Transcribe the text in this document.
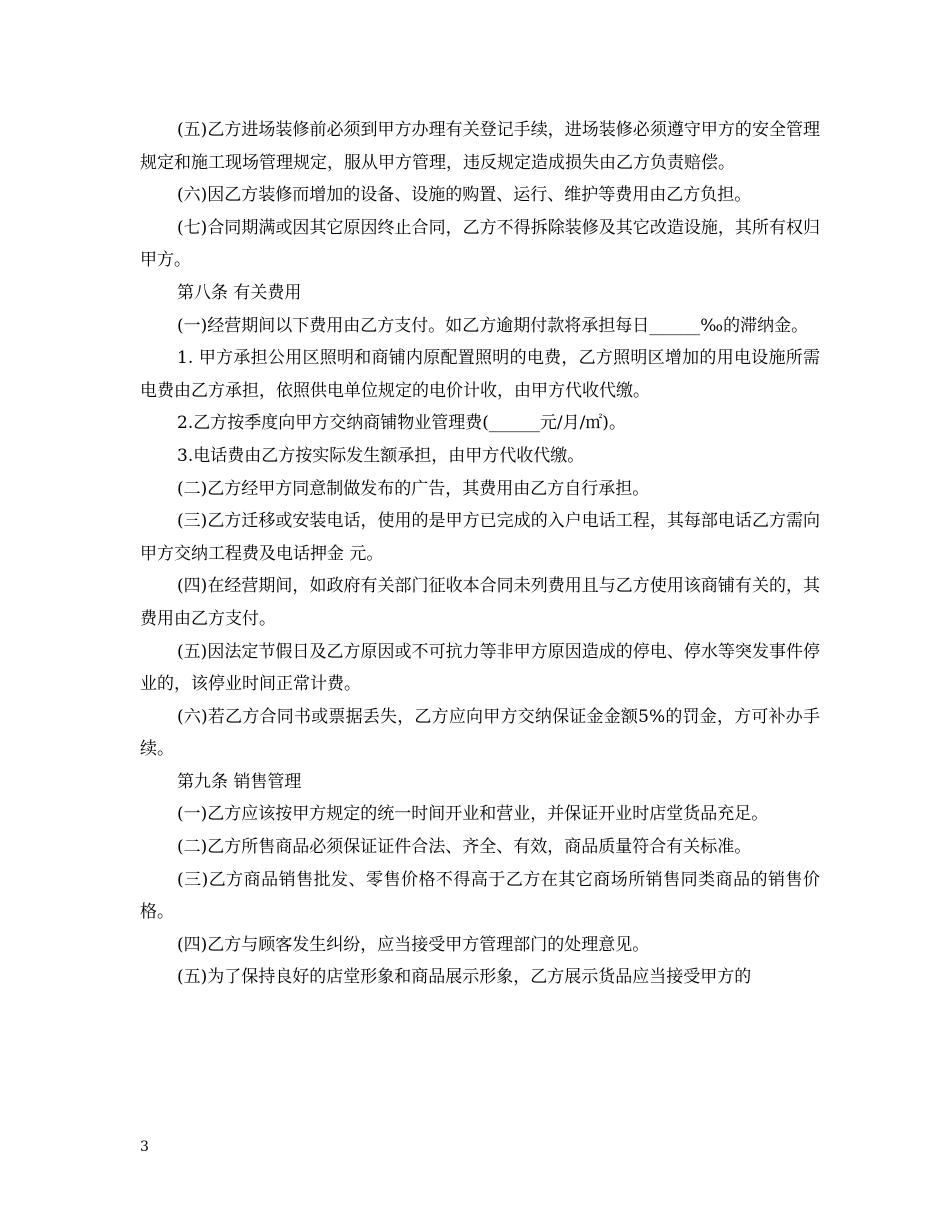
(五)乙方进场装修前必须到甲方办理有关登记手续，进场装修必须遵守甲方的安全管理规定和施工现场管理规定，服从甲方管理，违反规定造成损失由乙方负责赔偿。

(六)因乙方装修而增加的设备、设施的购置、运行、维护等费用由乙方负担。

(七)合同期满或因其它原因终止合同，乙方不得拆除装修及其它改造设施，其所有权归甲方。

第八条 有关费用

(一)经营期间以下费用由乙方支付。如乙方逾期付款将承担每日______‰的滞纳金。

1. 甲方承担公用区照明和商铺内原配置照明的电费，乙方照明区增加的用电设施所需电费由乙方承担，依照供电单位规定的电价计收，由甲方代收代缴。

2.乙方按季度向甲方交纳商铺物业管理费(______元/月/㎡)。

3.电话费由乙方按实际发生额承担，由甲方代收代缴。

(二)乙方经甲方同意制做发布的广告，其费用由乙方自行承担。

(三)乙方迁移或安装电话，使用的是甲方已完成的入户电话工程，其每部电话乙方需向甲方交纳工程费及电话押金 元。

(四)在经营期间，如政府有关部门征收本合同未列费用且与乙方使用该商铺有关的，其费用由乙方支付。

(五)因法定节假日及乙方原因或不可抗力等非甲方原因造成的停电、停水等突发事件停业的，该停业时间正常计费。

(六)若乙方合同书或票据丢失，乙方应向甲方交纳保证金金额5%的罚金，方可补办手续。

第九条 销售管理

(一)乙方应该按甲方规定的统一时间开业和营业，并保证开业时店堂货品充足。

(二)乙方所售商品必须保证证件合法、齐全、有效，商品质量符合有关标准。

(三)乙方商品销售批发、零售价格不得高于乙方在其它商场所销售同类商品的销售价格。

(四)乙方与顾客发生纠纷，应当接受甲方管理部门的处理意见。

(五)为了保持良好的店堂形象和商品展示形象，乙方展示货品应当接受甲方的

3
